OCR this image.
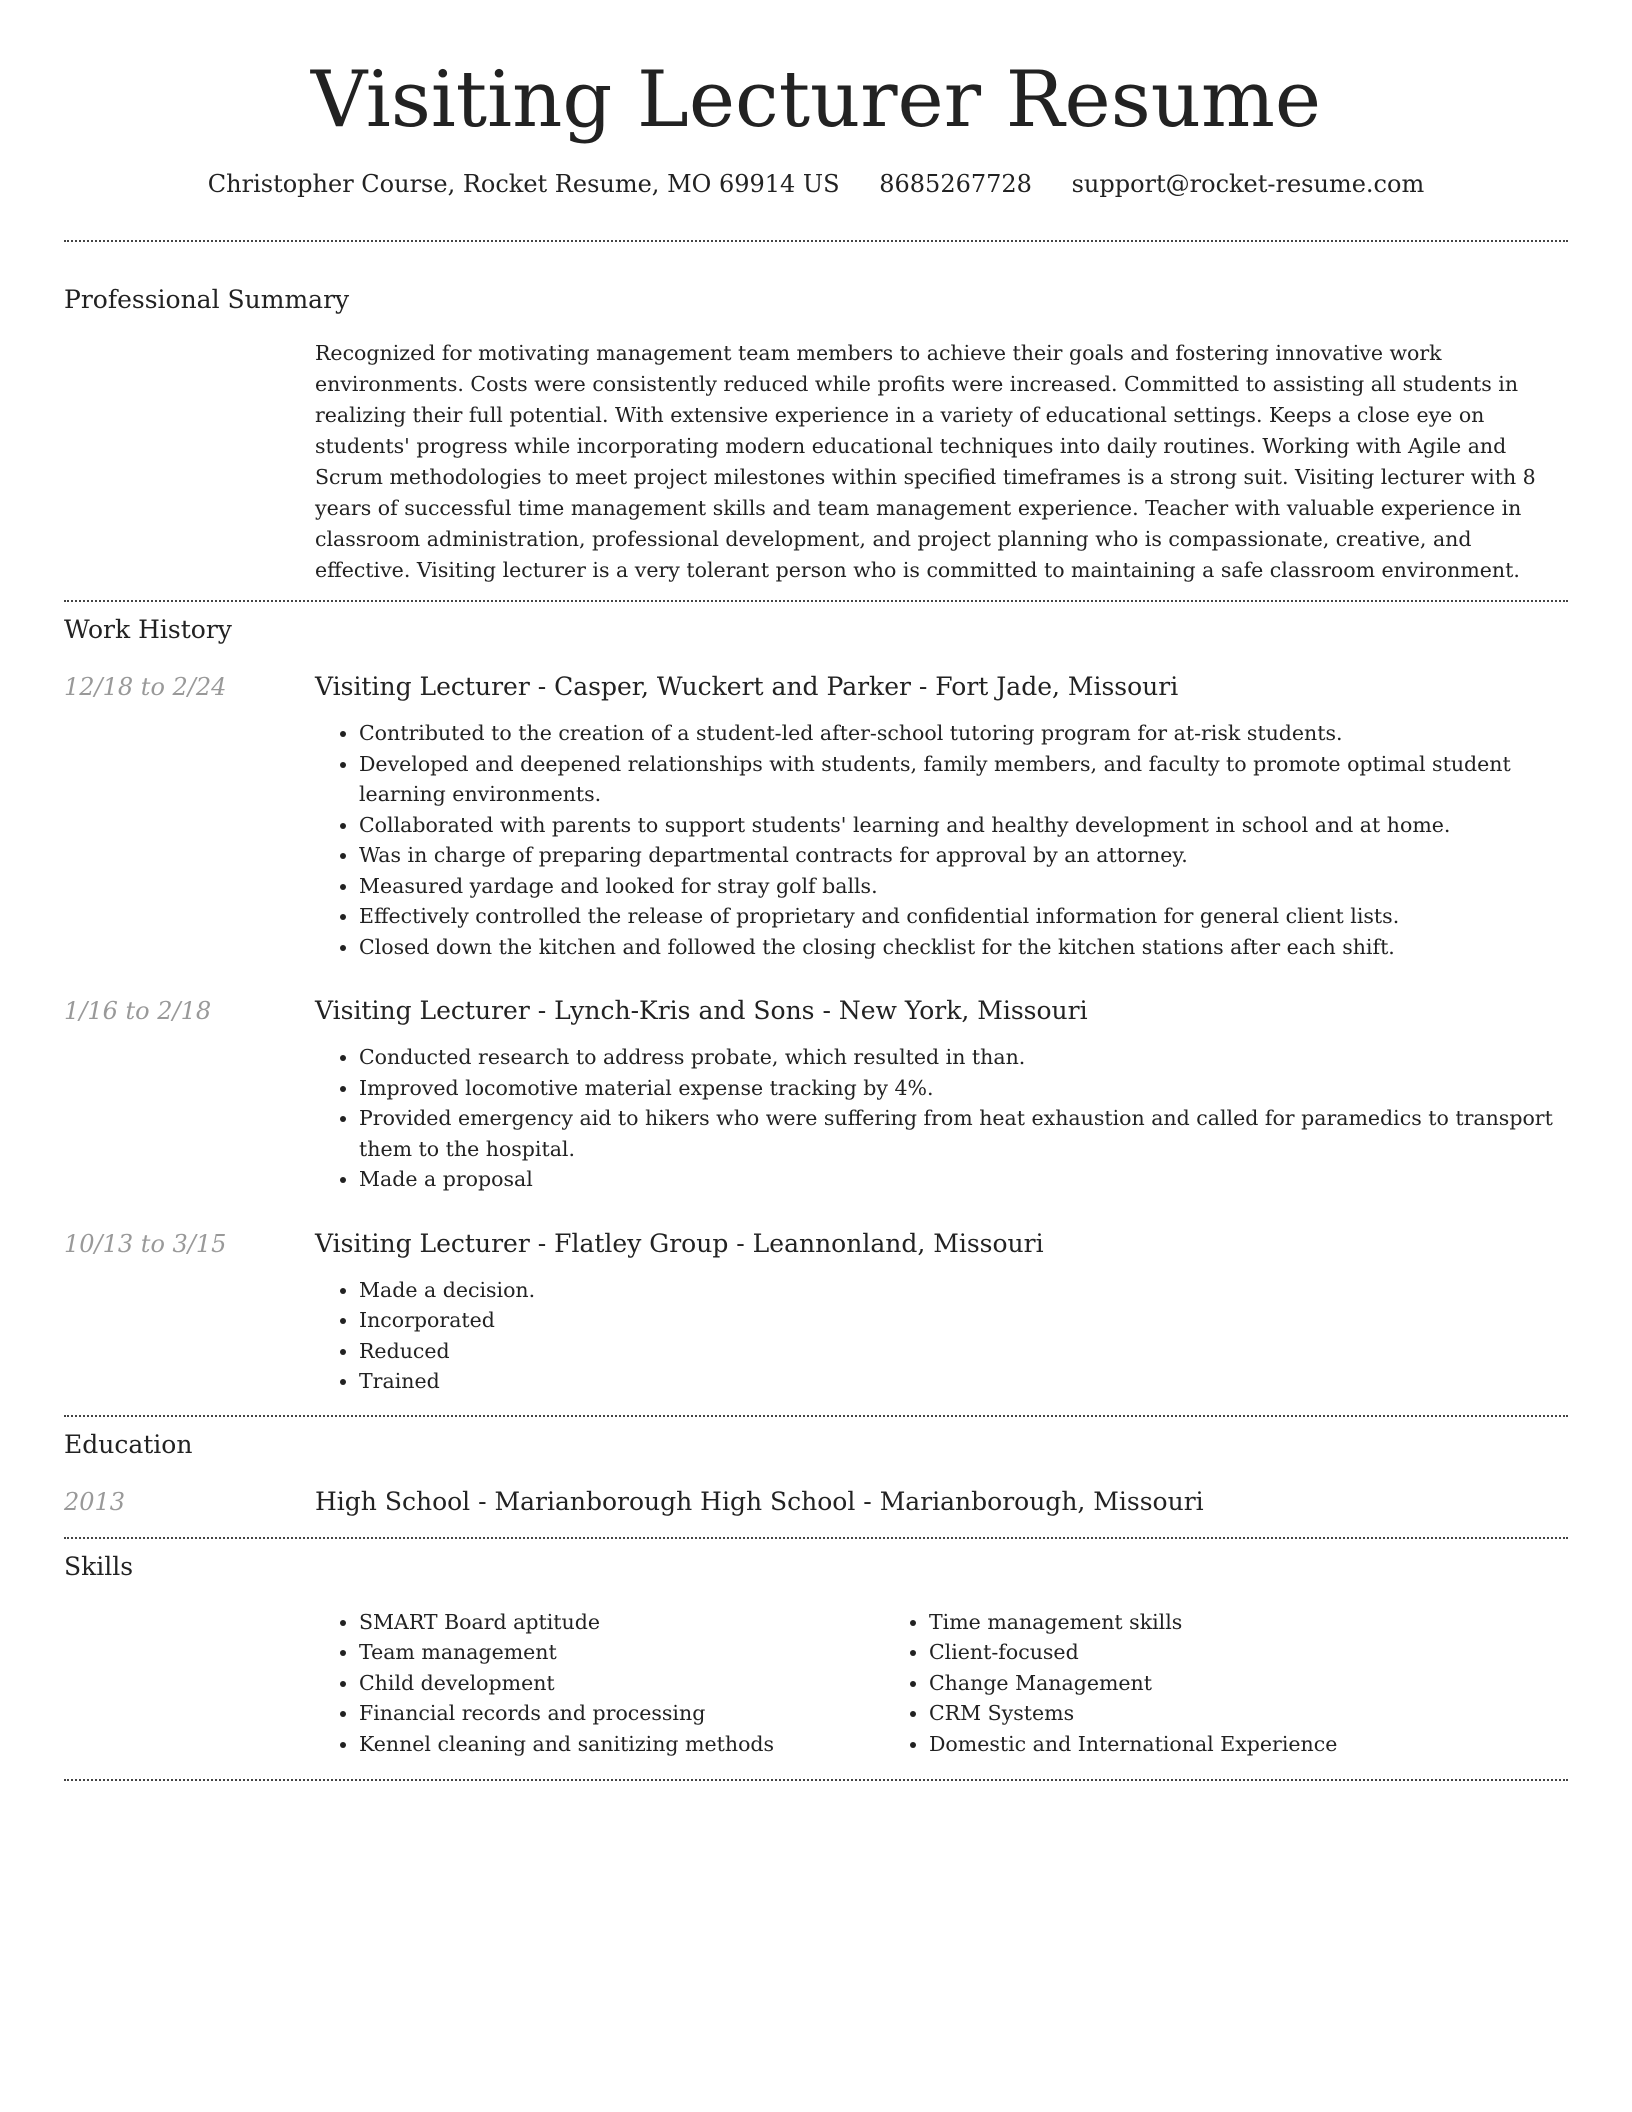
Visiting Lecturer Resume
Christopher Course, Rocket Resume, MO 69914 US 8685267728 support@rocket-resume.com
Professional Summary

Recognized for motivating management team members to achieve their goals and fostering innovative work environments. Costs were consistently reduced while profits were increased. Committed to assisting all students in realizing their full potential. With extensive experience in a variety of educational settings. Keeps a close eye on students' progress while incorporating modern educational techniques into daily routines. Working with Agile and Scrum methodologies to meet project milestones within specified timeframes is a strong suit. Visiting lecturer with 8 years of successful time management skills and team management experience. Teacher with valuable experience in classroom administration, professional development, and project planning who is compassionate, creative, and effective. Visiting lecturer is a very tolerant person who is committed to maintaining a safe classroom environment.

Work History
12/18 to 2/24	Visiting Lecturer - Casper, Wuckert and Parker - Fort Jade, Missouri
• Contributed to the creation of a student-led after-school tutoring program for at-risk students.
• Developed and deepened relationships with students, family members, and faculty to promote optimal student learning environments.
• Collaborated with parents to support students' learning and healthy development in school and at home.
• Was in charge of preparing departmental contracts for approval by an attorney.
• Measured yardage and looked for stray golf balls.
• Effectively controlled the release of proprietary and confidential information for general client lists.
• Closed down the kitchen and followed the closing checklist for the kitchen stations after each shift.
1/16 to 2/18	Visiting Lecturer - Lynch-Kris and Sons - New York, Missouri
• Conducted research to address probate, which resulted in than.
• Improved locomotive material expense tracking by 4%.
• Provided emergency aid to hikers who were suffering from heat exhaustion and called for paramedics to transport them to the hospital.
• Made a proposal
10/13 to 3/15	Visiting Lecturer - Flatley Group - Leannonland, Missouri
• Made a decision.
• Incorporated
• Reduced
• Trained
Education
2013	High School - Marianborough High School - Marianborough, Missouri
Skills
• SMART Board aptitude
• Team management
• Child development
• Financial records and processing
• Kennel cleaning and sanitizing methods
• Time management skills
• Client-focused
• Change Management
• CRM Systems
• Domestic and International Experience
